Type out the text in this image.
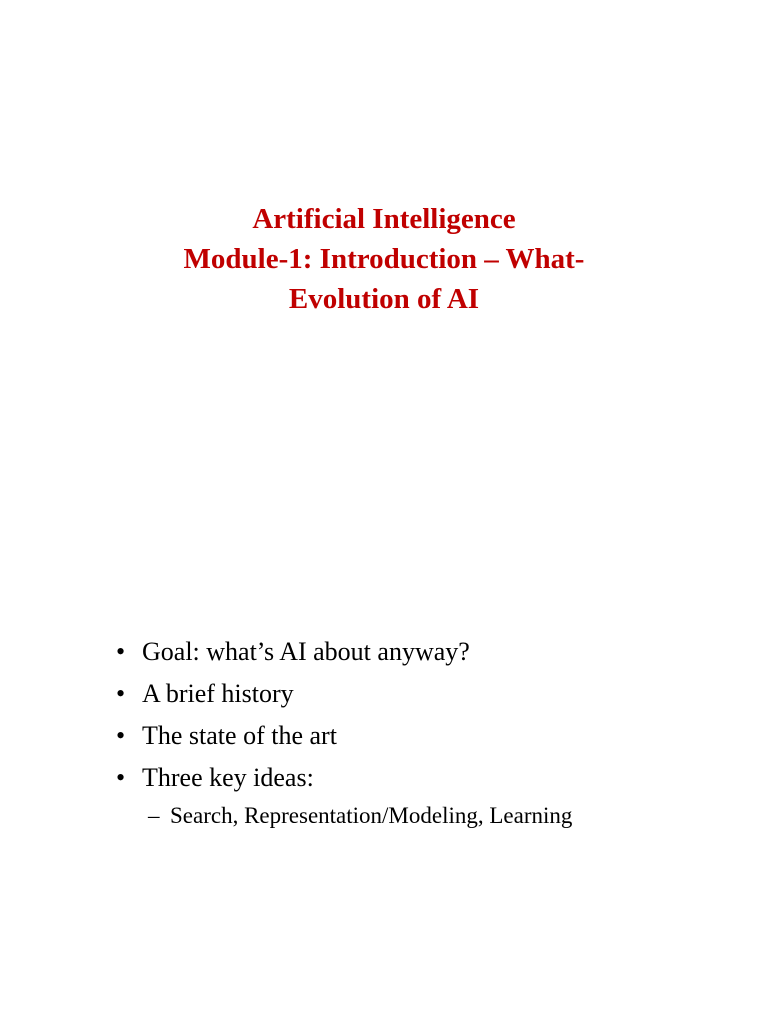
Artificial Intelligence
Module-1: Introduction – What-
Evolution of AI
• Goal: what’s AI about anyway?
• A brief history
• The state of the art
• Three key ideas:
– Search, Representation/Modeling, Learning
